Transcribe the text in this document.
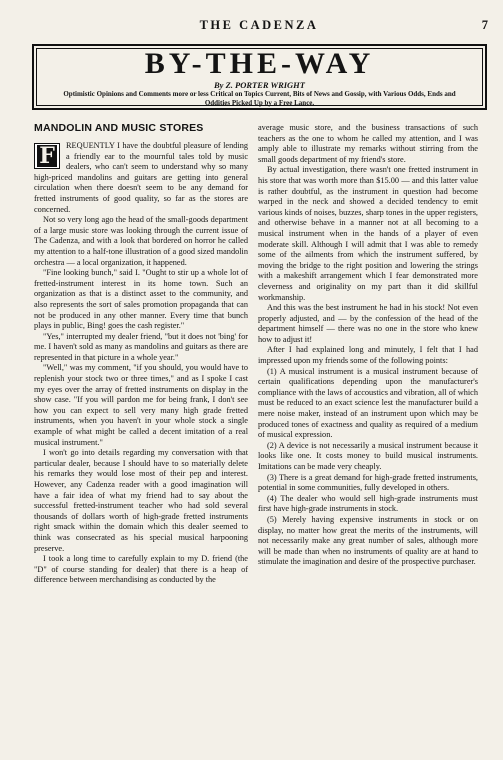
THE CADENZA	7
BY-THE-WAY
By Z. PORTER WRIGHT
Optimistic Opinions and Comments more or less Critical on Topics Current, Bits of News and Gossip, with Various Odds, Ends and Oddities Picked Up by a Free Lance.
MANDOLIN AND MUSIC STORES
F	REQUENTLY I have the doubtful pleasure of lending a friendly ear to the mournful tales told by music dealers, who can't seem to understand why so many high-priced mandolins and guitars are getting into general circulation when there doesn't seem to be any demand for fretted instruments of good quality, so far as the stores are concerned.

Not so very long ago the head of the small-goods department of a large music store was looking through the current issue of The Cadenza, and with a look that bordered on horror he called my attention to a half-tone illustration of a good sized mandolin orchestra — a local organization, it happened.

"Fine looking bunch," said I. "Ought to stir up a whole lot of fretted-instrument interest in its home town. Such an organization as that is a distinct asset to the community, and also represents the sort of sales promotion propaganda that can not be produced in any other manner. Every time that bunch plays in public, Bing! goes the cash register."

"Yes," interrupted my dealer friend, "but it does not 'bing' for me. I haven't sold as many as mandolins and guitars as there are represented in that picture in a whole year."

"Well," was my comment, "if you should, you would have to replenish your stock two or three times," and as I spoke I cast my eyes over the array of fretted instruments on display in the show case. "If you will pardon me for being frank, I don't see how you can expect to sell very many high grade fretted instruments, when you haven't in your whole stock a single example of what might be called a decent imitation of a real musical instrument."

I won't go into details regarding my conversation with that particular dealer, because I should have to so materially delete his remarks they would lose most of their pep and interest. However, any Cadenza reader with a good imagination will have a fair idea of what my friend had to say about the successful fretted-instrument teacher who had sold several thousands of dollars worth of high-grade fretted instruments right smack within the domain which this dealer seemed to think was consecrated as his special musical harpooning preserve.

I took a long time to carefully explain to my D. friend (the "D" of course standing for dealer) that there is a heap of difference between merchandising as conducted by the

average music store, and the business transactions of such teachers as the one to whom he called my attention, and I was amply able to illustrate my remarks without stirring from the small goods department of my friend's store.

By actual investigation, there wasn't one fretted instrument in his store that was worth more than $15.00 — and this latter value is rather doubtful, as the instrument in question had become warped in the neck and showed a decided tendency to emit various kinds of noises, buzzes, sharp tones in the upper registers, and otherwise behave in a manner not at all becoming to a musical instrument when in the hands of a player of even moderate skill. Although I will admit that I was able to remedy some of the ailments from which the instrument suffered, by moving the bridge to the right position and lowering the strings with a makeshift arrangement which I fear demonstrated more cleverness and originality on my part than it did skillful workmanship.

And this was the best instrument he had in his stock! Not even properly adjusted, and — by the confession of the head of the department himself — there was no one in the store who knew how to adjust it!

After I had explained long and minutely, I felt that I had impressed upon my friends some of the following points:

(1) A musical instrument is a musical instrument because of certain qualifications depending upon the manufacturer's compliance with the laws of accoustics and vibration, all of which must be reduced to an exact science lest the manufacturer build a mere noise maker, instead of an instrument upon which may be produced tones of exactness and quality as required of a medium of musical expression.

(2) A device is not necessarily a musical instrument because it looks like one. It costs money to build musical instruments. Imitations can be made very cheaply.

(3) There is a great demand for high-grade fretted instruments, potential in some communities, fully developed in others.

(4) The dealer who would sell high-grade instruments must first have high-grade instruments in stock.

(5) Merely having expensive instruments in stock or on display, no matter how great the merits of the instruments, will not necessarily make any great number of sales, although more will be made than when no instruments of quality are at hand to stimulate the imagination and desire of the prospective purchaser.
